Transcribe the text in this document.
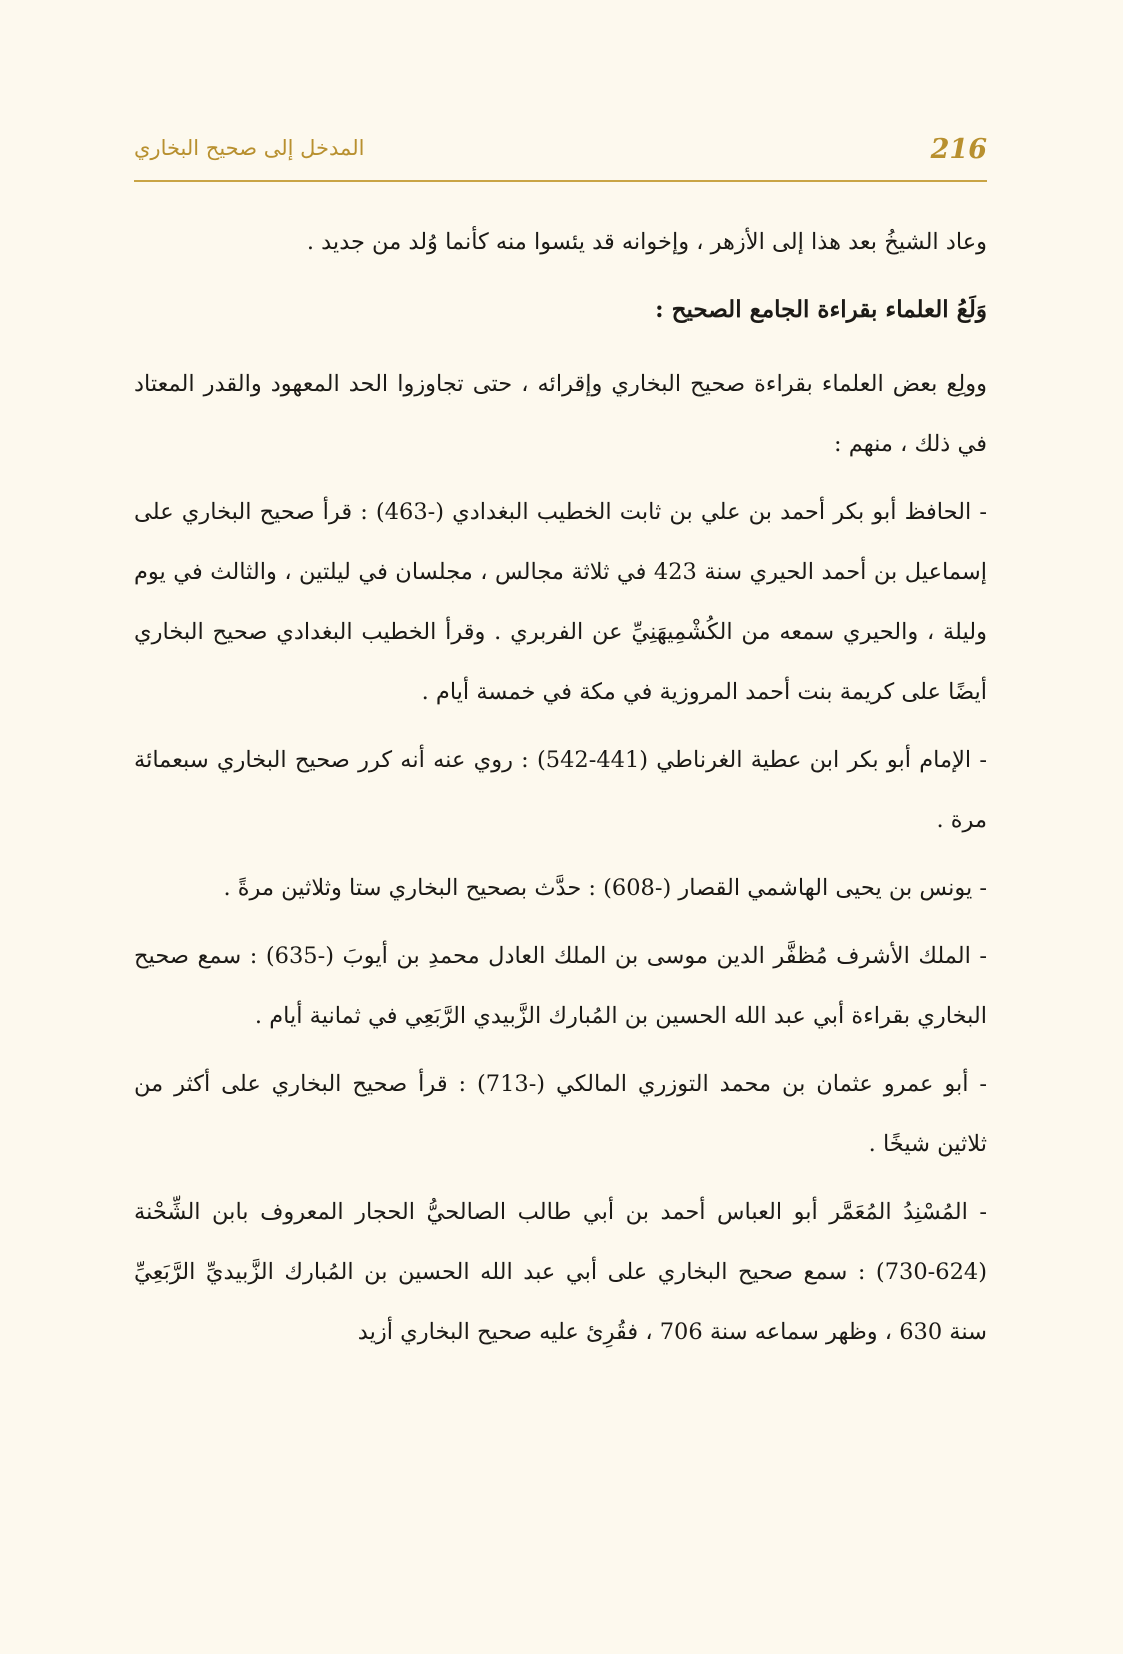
216
المدخل إلى صحيح البخاري

وعاد الشيخُ بعد هذا إلى الأزهر ، وإخوانه قد يئسوا منه كأنما وُلد من جديد .

وَلَعُ العلماء بقراءة الجامع الصحيح :

وولِع بعض العلماء بقراءة صحيح البخاري وإقرائه ، حتى تجاوزوا الحد المعهود والقدر المعتاد في ذلك ، منهم :

- الحافظ أبو بكر أحمد بن علي بن ثابت الخطيب البغدادي (-463) : قرأ صحيح البخاري على إسماعيل بن أحمد الحيري سنة 423 في ثلاثة مجالس ، مجلسان في ليلتين ، والثالث في يوم وليلة ، والحيري سمعه من الكُشْمِيهَنِيِّ عن الفربري . وقرأ الخطيب البغدادي صحيح البخاري أيضًا على كريمة بنت أحمد المروزية في مكة في خمسة أيام .

- الإمام أبو بكر ابن عطية الغرناطي (441-542) : روي عنه أنه كرر صحيح البخاري سبعمائة مرة .

- يونس بن يحيى الهاشمي القصار (-608) : حدَّث بصحيح البخاري ستا وثلاثين مرةً .

- الملك الأشرف مُظفَّر الدين موسى بن الملك العادل محمدِ بن أيوبَ (-635) : سمع صحيح البخاري بقراءة أبي عبد الله الحسين بن المُبارك الزَّبيدي الرَّبَعِي في ثمانية أيام .

- أبو عمرو عثمان بن محمد التوزري المالكي (-713) : قرأ صحيح البخاري على أكثر من ثلاثين شيخًا .

- المُسْنِدُ المُعَمَّر أبو العباس أحمد بن أبي طالب الصالحيُّ الحجار المعروف بابن الشِّحْنة (624-730) : سمع صحيح البخاري على أبي عبد الله الحسين بن المُبارك الزَّبيديِّ الرَّبَعِيِّ سنة 630 ، وظهر سماعه سنة 706 ، فقُرِئ عليه صحيح البخاري أزيد
